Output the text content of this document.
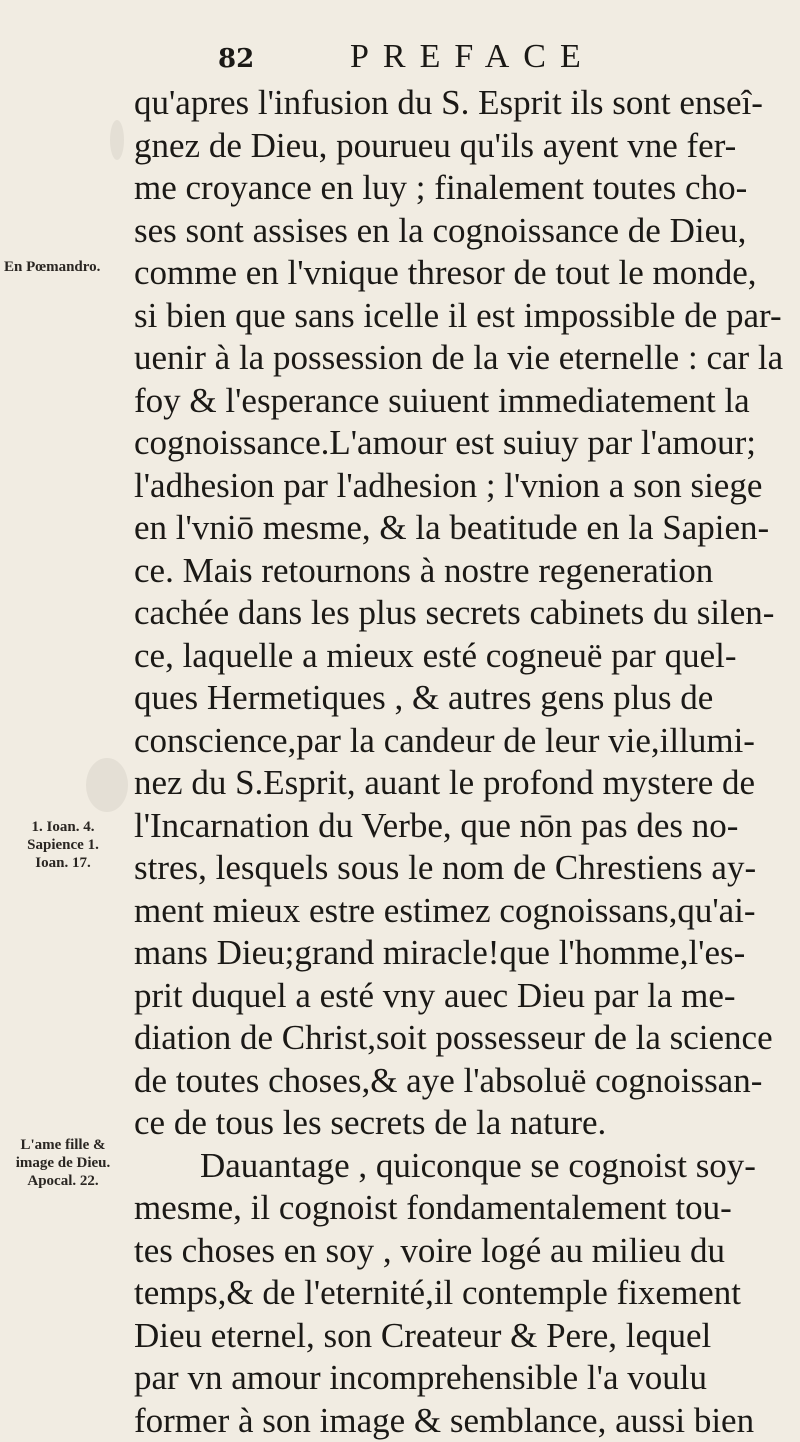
82	PREFACE
En Pœmandro.
1. Ioan. 4.
Sapience 1.
Ioan. 17.
L'ame fille &
image de Dieu.
Apocal. 22.
qu'apres l'infusion du S. Esprit ils sont enseî-
gnez de Dieu, pourueu qu'ils ayent vne fer-
me croyance en luy ; finalement toutes cho-
ses sont assises en la cognoissance de Dieu,
comme en l'vnique thresor de tout le monde,
si bien que sans icelle il est impossible de par-
uenir à la possession de la vie eternelle : car la
foy & l'esperance suiuent immediatement la
cognoissance.L'amour est suiuy par l'amour;
l'adhesion par l'adhesion ; l'vnion a son siege
en l'vniō mesme, & la beatitude en la Sapien-
ce. Mais retournons à nostre regeneration
cachée dans les plus secrets cabinets du silen-
ce, laquelle a mieux esté cogneuë par quel-
ques Hermetiques , & autres gens plus de
conscience,par la candeur de leur vie,illumi-
nez du S.Esprit, auant le profond mystere de
l'Incarnation du Verbe, que nōn pas des no-
stres, lesquels sous le nom de Chrestiens ay-
ment mieux estre estimez cognoissans,qu'ai-
mans Dieu;grand miracle!que l'homme,l'es-
prit duquel a esté vny auec Dieu par la me-
diation de Christ,soit possesseur de la science
de toutes choses,& aye l'absoluë cognoissan-
ce de tous les secrets de la nature.
Dauantage , quiconque se cognoist soy-
mesme, il cognoist fondamentalement tou-
tes choses en soy , voire logé au milieu du
temps,& de l'eternité,il contemple fixement
Dieu eternel, son Createur & Pere, lequel
par vn amour incomprehensible l'a voulu
former à son image & semblance, aussi bien
